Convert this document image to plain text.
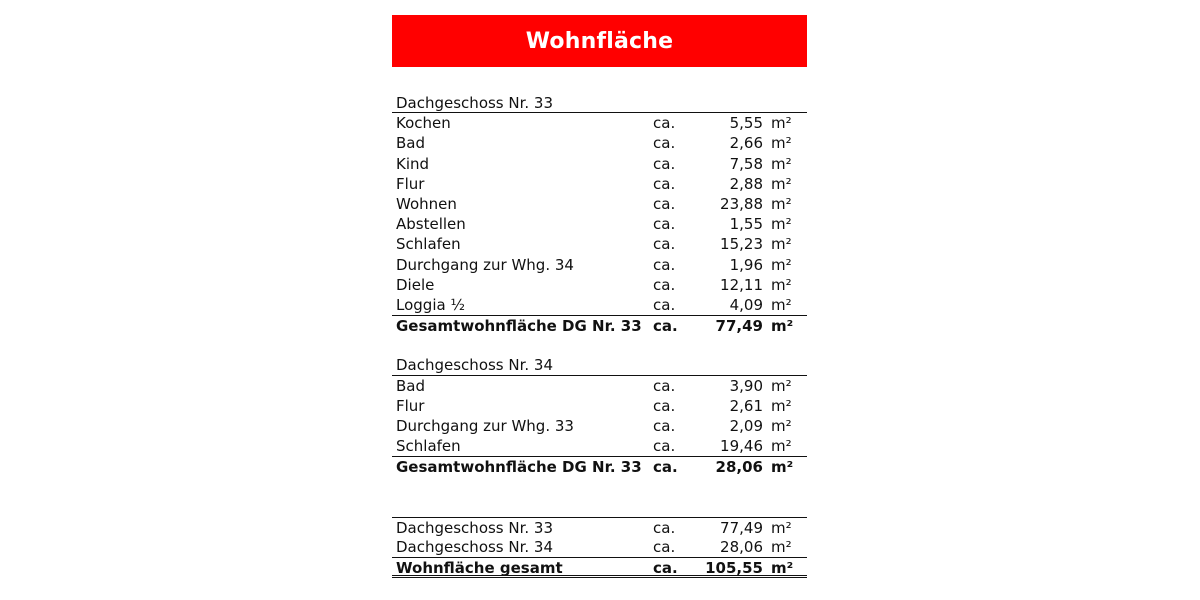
Wohnfläche
Dachgeschoss Nr. 33
Kochen	ca.	5,55 m²
Bad	ca.	2,66 m²
Kind	ca.	7,58 m²
Flur	ca.	2,88 m²
Wohnen	ca.	23,88 m²
Abstellen	ca.	1,55 m²
Schlafen	ca.	15,23 m²
Durchgang zur Whg. 34	ca.	1,96 m²
Diele	ca.	12,11 m²
Loggia ½	ca.	4,09 m²
Gesamtwohnfläche DG Nr. 33 ca.	77,49 m²
Dachgeschoss Nr. 34
Bad	ca.	3,90 m²
Flur	ca.	2,61 m²
Durchgang zur Whg. 33	ca.	2,09 m²
Schlafen	ca.	19,46 m²
Gesamtwohnfläche DG Nr. 33 ca.	28,06 m²
Dachgeschoss Nr. 33	ca.	77,49 m²
Dachgeschoss Nr. 34	ca.	28,06 m²
Wohnfläche gesamt	ca. 105,55 m²
